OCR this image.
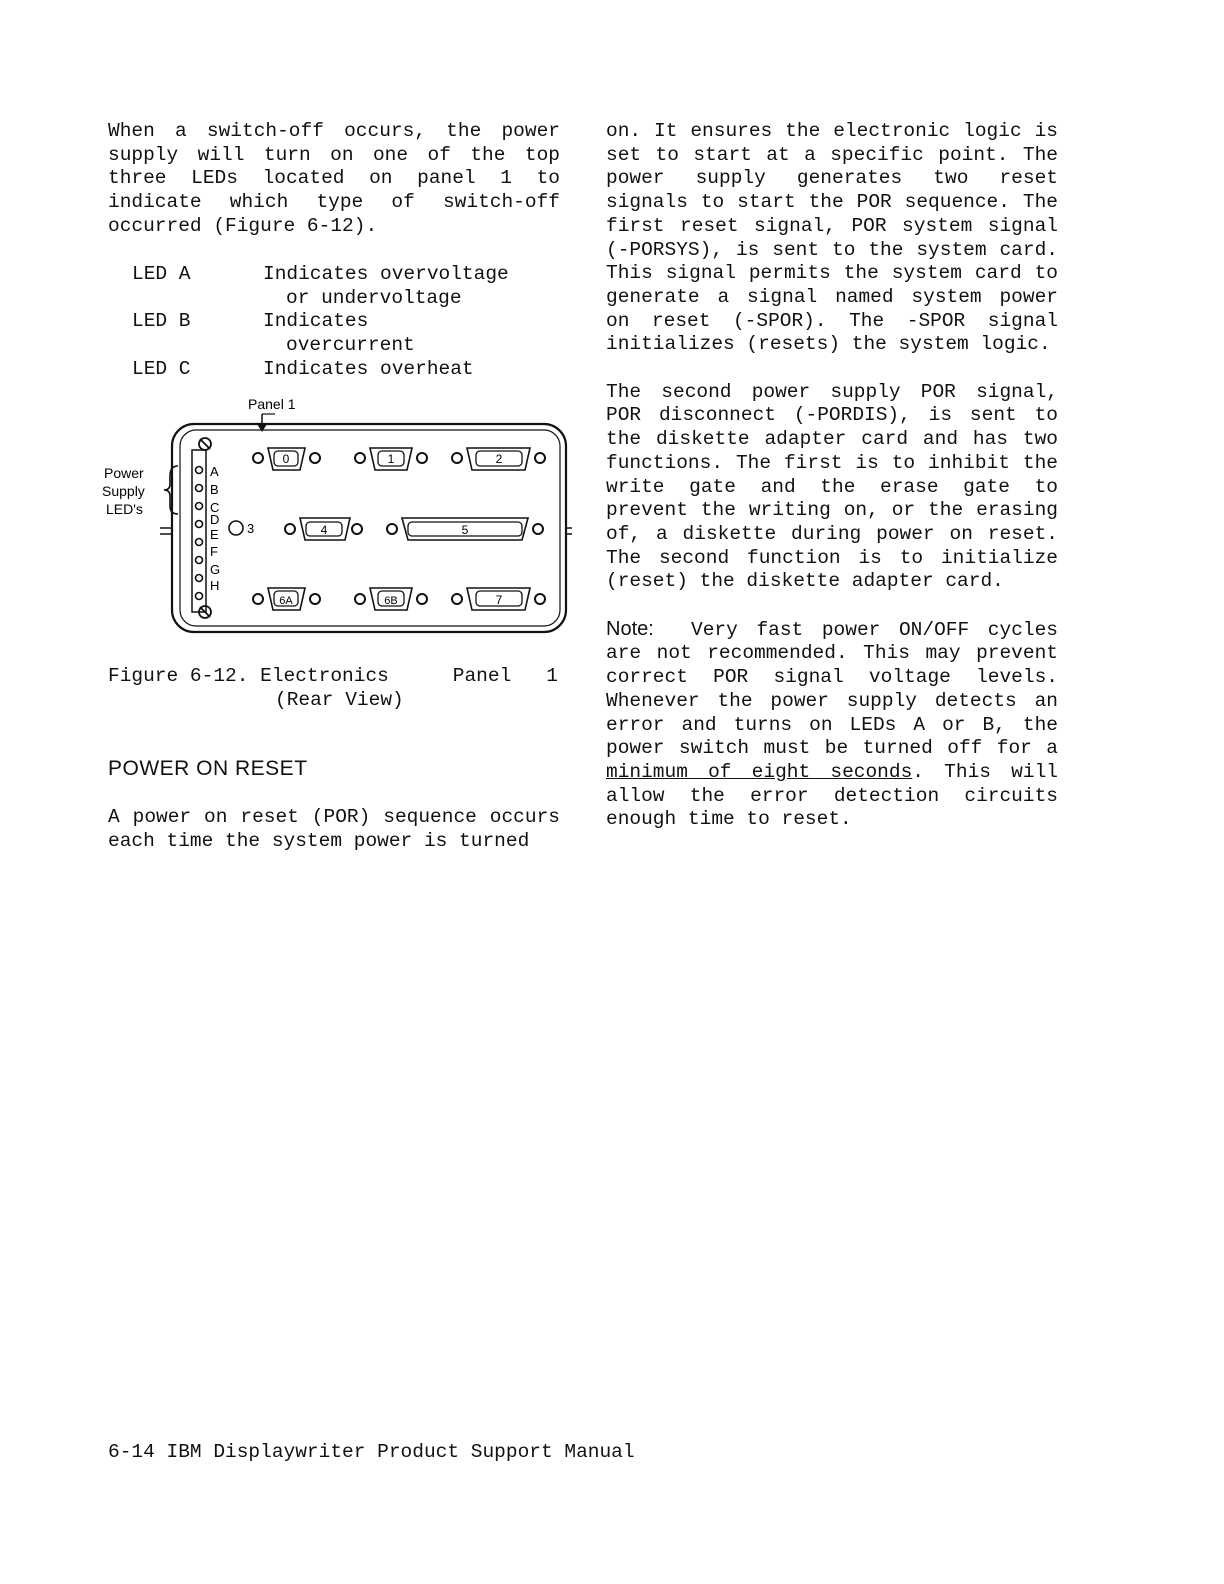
When a switch-off occurs, the power supply will turn on one of the top three LEDs located on panel 1 to indicate which type of switch-off occurred (Figure 6-12).

LED A	Indicates overvoltage
or undervoltage
LED B	Indicates
overcurrent
LED C	Indicates overheat
Panel 1
Power
Supply
LED's
A
B
C
D
E
F
G
H
3
0	1	2
4	5
6A	6B	7
Figure 6-12. Electronics	Panel 1
(Rear View)
POWER ON RESET

A power on reset (POR) sequence occurs each time the system power is turned

on. It ensures the electronic logic is set to start at a specific point. The power supply generates two reset signals to start the POR sequence. The first reset signal, POR system signal (-PORSYS), is sent to the system card. This signal permits the system card to generate a signal named system power on reset (-SPOR). The -SPOR signal initializes (resets) the system logic.

The second power supply POR signal, POR disconnect (-PORDIS), is sent to the diskette adapter card and has two functions. The first is to inhibit the write gate and the erase gate to prevent the writing on, or the erasing of, a diskette during power on reset. The second function is to initialize (reset) the diskette adapter card.

Note: Very fast power ON/OFF cycles are not recommended. This may prevent correct POR signal voltage levels. Whenever the power supply detects an error and turns on LEDs A or B, the power switch must be turned off for a minimum of eight seconds. This will allow the error detection circuits enough time to reset.

6-14 IBM Displaywriter Product Support Manual
